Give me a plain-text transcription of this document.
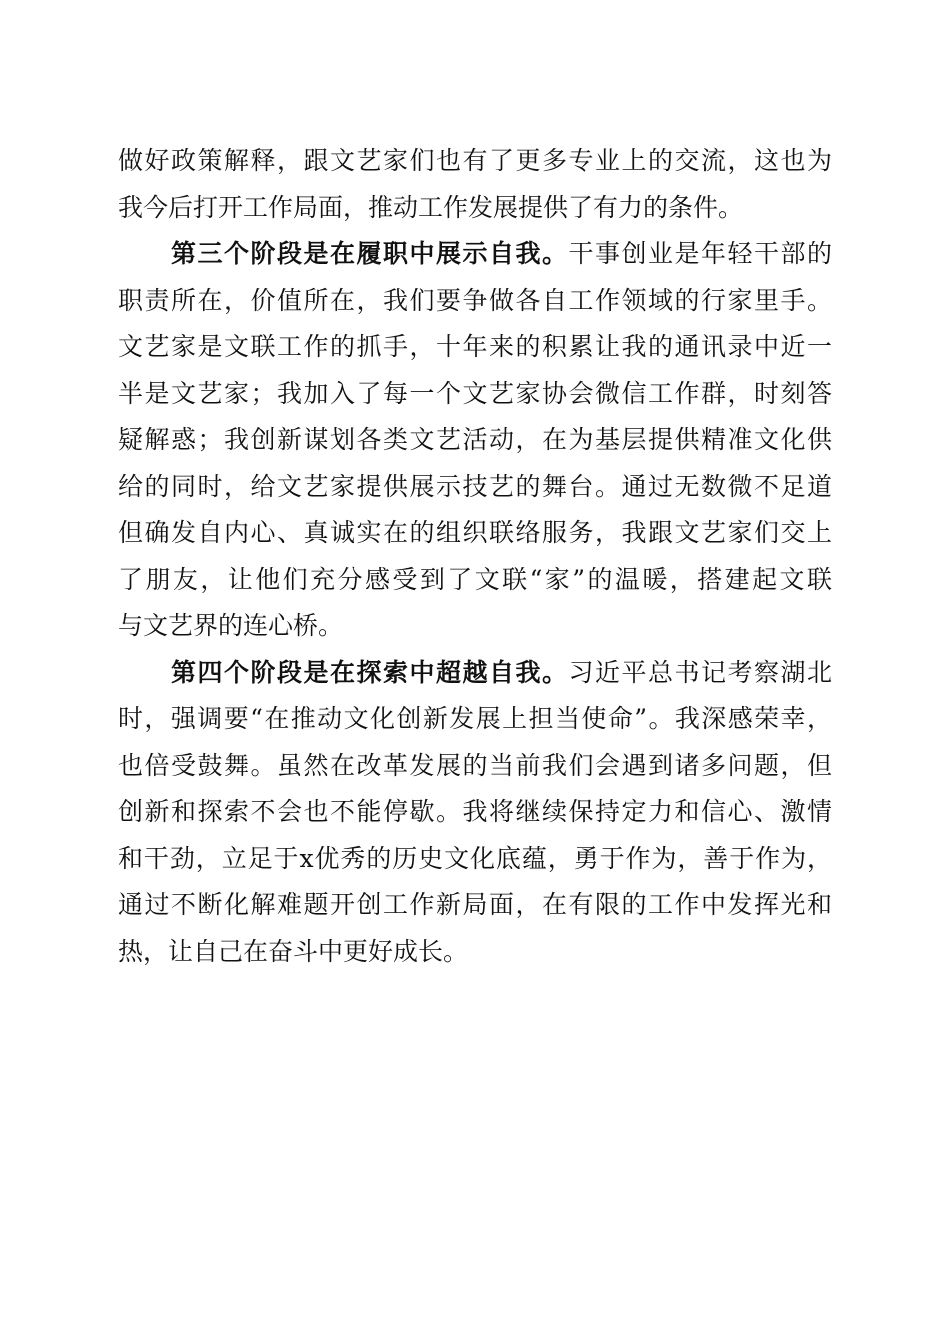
做好政策解释，跟文艺家们也有了更多专业上的交流，这也为
我今后打开工作局面，推动工作发展提供了有力的条件。
第三个阶段是在履职中展示自我。干事创业是年轻干部的
职责所在，价值所在，我们要争做各自工作领域的行家里手。
文艺家是文联工作的抓手，十年来的积累让我的通讯录中近一
半是文艺家；我加入了每一个文艺家协会微信工作群，时刻答
疑解惑；我创新谋划各类文艺活动，在为基层提供精准文化供
给的同时，给文艺家提供展示技艺的舞台。通过无数微不足道
但确发自内心、真诚实在的组织联络服务，我跟文艺家们交上
了朋友，让他们充分感受到了文联“家”的温暖，搭建起文联
与文艺界的连心桥。
第四个阶段是在探索中超越自我。习近平总书记考察湖北
时，强调要“在推动文化创新发展上担当使命”。我深感荣幸，
也倍受鼓舞。虽然在改革发展的当前我们会遇到诸多问题，但
创新和探索不会也不能停歇。我将继续保持定力和信心、激情
和干劲，立足于x优秀的历史文化底蕴，勇于作为，善于作为，
通过不断化解难题开创工作新局面，在有限的工作中发挥光和
热，让自己在奋斗中更好成长。
